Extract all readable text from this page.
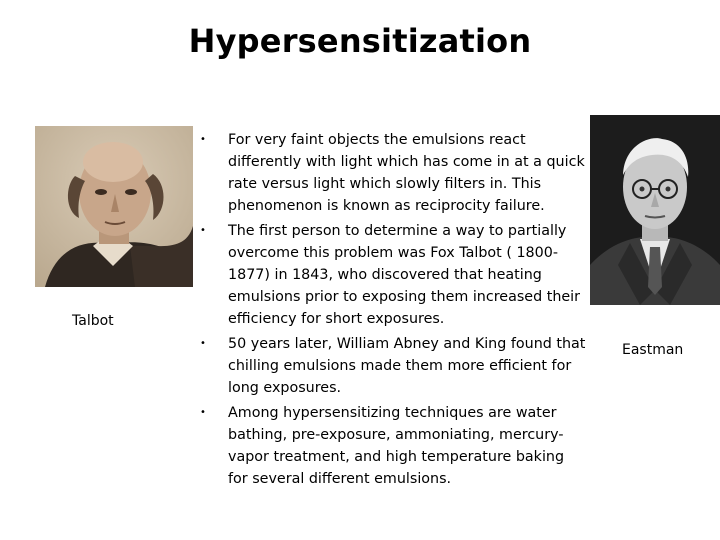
Hypersensitization
Talbot
• For very faint objects the emulsions react differently with light which has come in at a quick rate versus light which slowly filters in. This phenomenon is known as reciprocity failure.
• The first person to determine a way to partially overcome this problem was Fox Talbot ( 1800-1877) in 1843, who discovered that heating emulsions prior to exposing them increased their efficiency for short exposures.
• 50 years later, William Abney and King found that chilling emulsions made them more efficient for long exposures.
• Among hypersensitizing techniques are water bathing, pre-exposure, ammoniating, mercury-vapor treatment, and high temperature baking for several different emulsions.
Eastman
